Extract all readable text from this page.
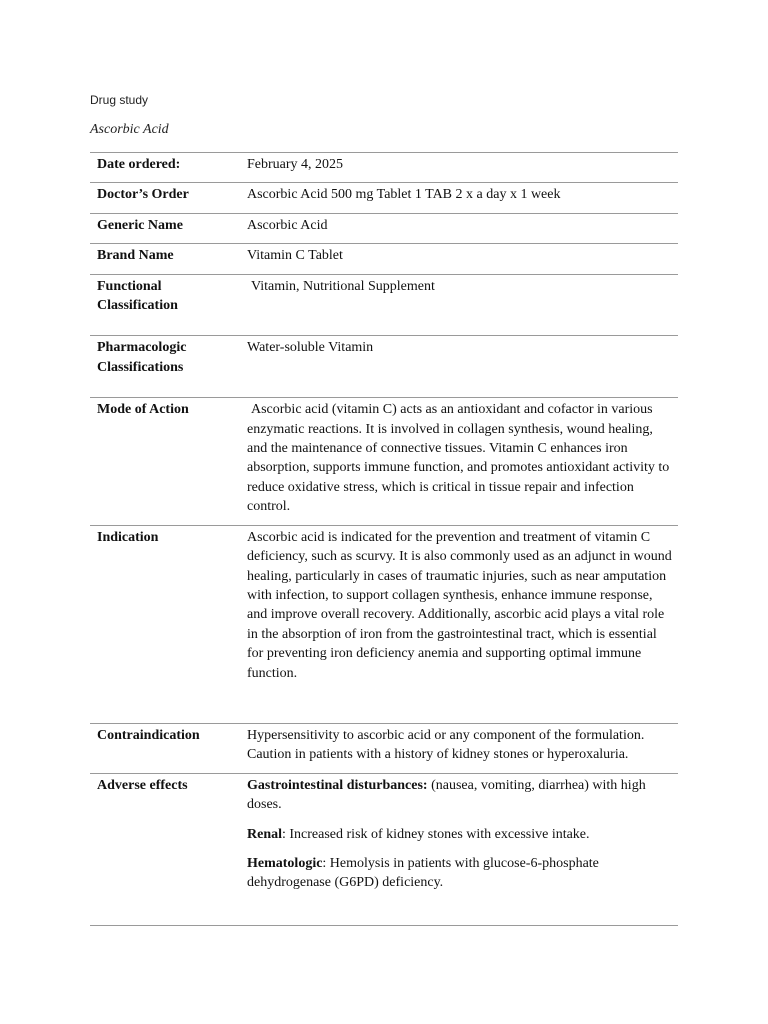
Drug study
Ascorbic Acid
Date ordered:	February 4, 2025
Doctor’s Order	Ascorbic Acid 500 mg Tablet 1 TAB 2 x a day x 1 week
Generic Name	Ascorbic Acid
Brand Name	Vitamin C Tablet

Functional
Classification	Vitamin, Nutritional Supplement

Pharmacologic
Classifications	Water-soluble Vitamin
Mode of Action	Ascorbic acid (vitamin C) acts as an antioxidant and cofactor in various enzymatic reactions. It is involved in collagen synthesis, wound healing, and the maintenance of connective tissues. Vitamin C enhances iron absorption, supports immune function, and promotes antioxidant activity to reduce oxidative stress, which is critical in tissue repair and infection control.
Indication	Ascorbic acid is indicated for the prevention and treatment of vitamin C deficiency, such as scurvy. It is also commonly used as an adjunct in wound healing, particularly in cases of traumatic injuries, such as near amputation with infection, to support collagen synthesis, enhance immune response, and improve overall recovery. Additionally, ascorbic acid plays a vital role in the absorption of iron from the gastrointestinal tract, which is essential for preventing iron deficiency anemia and supporting optimal immune function.
Contraindication	Hypersensitivity to ascorbic acid or any component of the formulation. Caution in patients with a history of kidney stones or hyperoxaluria.
Adverse effects	Gastrointestinal disturbances: (nausea, vomiting, diarrhea) with high doses.

Renal: Increased risk of kidney stones with excessive intake.

Hematologic: Hemolysis in patients with glucose-6-phosphate dehydrogenase (G6PD) deficiency.
